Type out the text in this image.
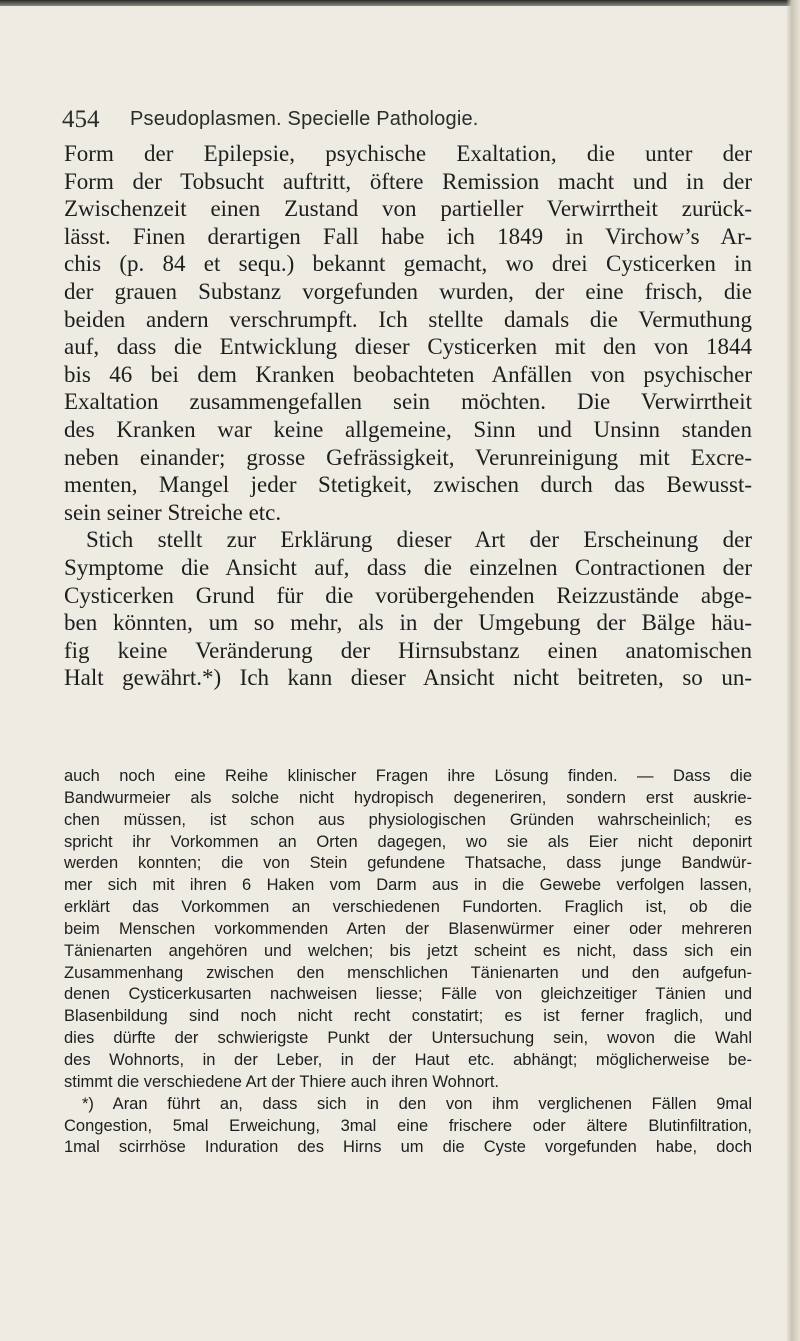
454 Pseudoplasmen. Specielle Pathologie.
Form der Epilepsie, psychische Exaltation, die unter der
Form der Tobsucht auftritt, öftere Remission macht und in der
Zwischenzeit einen Zustand von partieller Verwirrtheit zurück-
lässt. Finen derartigen Fall habe ich 1849 in Virchow’s Ar-
chis (p. 84 et sequ.) bekannt gemacht, wo drei Cysticerken in
der grauen Substanz vorgefunden wurden, der eine frisch, die
beiden andern verschrumpft. Ich stellte damals die Vermuthung
auf, dass die Entwicklung dieser Cysticerken mit den von 1844
bis 46 bei dem Kranken beobachteten Anfällen von psychischer
Exaltation zusammengefallen sein möchten. Die Verwirrtheit
des Kranken war keine allgemeine, Sinn und Unsinn standen
neben einander; grosse Gefrässigkeit, Verunreinigung mit Excre-
menten, Mangel jeder Stetigkeit, zwischen durch das Bewusst-
sein seiner Streiche etc.
Stich stellt zur Erklärung dieser Art der Erscheinung der
Symptome die Ansicht auf, dass die einzelnen Contractionen der
Cysticerken Grund für die vorübergehenden Reizzustände abge-
ben könnten, um so mehr, als in der Umgebung der Bälge häu-
fig keine Veränderung der Hirnsubstanz einen anatomischen
Halt gewährt.*) Ich kann dieser Ansicht nicht beitreten, so un-
auch noch eine Reihe klinischer Fragen ihre Lösung finden. — Dass die
Bandwurmeier als solche nicht hydropisch degeneriren, sondern erst auskrie-
chen müssen, ist schon aus physiologischen Gründen wahrscheinlich; es
spricht ihr Vorkommen an Orten dagegen, wo sie als Eier nicht deponirt
werden konnten; die von Stein gefundene Thatsache, dass junge Bandwür-
mer sich mit ihren 6 Haken vom Darm aus in die Gewebe verfolgen lassen,
erklärt das Vorkommen an verschiedenen Fundorten. Fraglich ist, ob die
beim Menschen vorkommenden Arten der Blasenwürmer einer oder mehreren
Tänienarten angehören und welchen; bis jetzt scheint es nicht, dass sich ein
Zusammenhang zwischen den menschlichen Tänienarten und den aufgefun-
denen Cysticerkusarten nachweisen liesse; Fälle von gleichzeitiger Tänien und
Blasenbildung sind noch nicht recht constatirt; es ist ferner fraglich, und
dies dürfte der schwierigste Punkt der Untersuchung sein, wovon die Wahl
des Wohnorts, in der Leber, in der Haut etc. abhängt; möglicherweise be-
stimmt die verschiedene Art der Thiere auch ihren Wohnort.
*) Aran führt an, dass sich in den von ihm verglichenen Fällen 9mal
Congestion, 5mal Erweichung, 3mal eine frischere oder ältere Blutinfiltration,
1mal scirrhöse Induration des Hirns um die Cyste vorgefunden habe, doch
